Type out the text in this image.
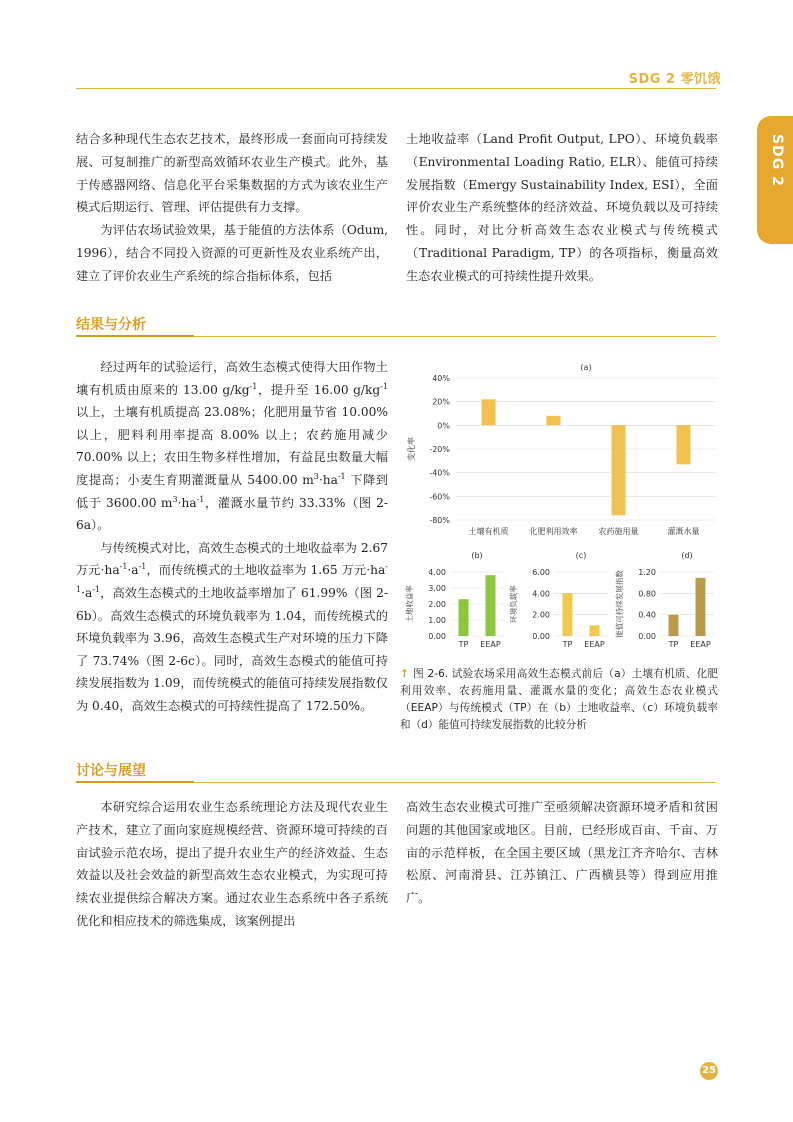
SDG 2 零饥饿
SDG 2

结合多种现代生态农艺技术，最终形成一套面向可持续发展、可复制推广的新型高效循环农业生产模式。此外，基于传感器网络、信息化平台采集数据的方式为该农业生产模式后期运行、管理、评估提供有力支撑。

为评估农场试验效果，基于能值的方法体系（Odum, 1996），结合不同投入资源的可更新性及农业系统产出，建立了评价农业生产系统的综合指标体系，包括

土地收益率（Land Profit Output, LPO）、环境负载率（Environmental Loading Ratio, ELR）、能值可持续发展指数（Emergy Sustainability Index, ESI），全面评价农业生产系统整体的经济效益、环境负载以及可持续性。同时，对比分析高效生态农业模式与传统模式（Traditional Paradigm, TP）的各项指标，衡量高效生态农业模式的可持续性提升效果。

结果与分析

经过两年的试验运行，高效生态模式使得大田作物土壤有机质由原来的 13.00 $g/kg^{-1}$，提升至 16.00 $g/kg^{-1}$ 以上，土壤有机质提高 23.08%；化肥用量节省 10.00% 以上，肥料利用率提高 8.00% 以上；农药施用减少 70.00% 以上；农田生物多样性增加，有益昆虫数量大幅度提高；小麦生育期灌溉量从 5400.00 $m^3\cdot ha^{-1}$ 下降到低于 3600.00 $m^3\cdot ha^{-1}$，灌溉水量节约 33.33%（图 2-6a）。

与传统模式对比，高效生态模式的土地收益率为 2.67 万元$\cdot ha^{-1}\cdot a^{-1}$，而传统模式的土地收益率为 1.65 万元$\cdot ha^{-1}\cdot a^{-1}$，高效生态模式的土地收益率增加了 61.99%（图 2-6b）。高效生态模式的环境负载率为 1.04，而传统模式的环境负载率为 3.96，高效生态模式生产对环境的压力下降了 73.74%（图 2-6c）。同时，高效生态模式的能值可持续发展指数为 1.09，而传统模式的能值可持续发展指数仅为 0.40，高效生态模式的可持续性提高了 172.50%。

(a)
40%
20%
0%
-20%
-40%
-60%
-80%
变化率
土壤有机质	化肥利用效率	农药施用量	灌溉水量
(b)
4.00
3.00
2.00
1.00
0.00
土地收益率
TP EEAP
(c)
6.00
4.00
2.00
0.00
环境负载率
TP EEAP
(d)
1.20
0.80
0.40
0.00
能值可持续发展指数
TP EEAP
↑ 图 2-6. 试验农场采用高效生态模式前后（a）土壤有机质、化肥利用效率、农药施用量、灌溉水量的变化；高效生态农业模式（EEAP）与传统模式（TP）在（b）土地收益率、（c）环境负载率和（d）能值可持续发展指数的比较分析
讨论与展望

本研究综合运用农业生态系统理论方法及现代农业生产技术，建立了面向家庭规模经营、资源环境可持续的百亩试验示范农场，提出了提升农业生产的经济效益、生态效益以及社会效益的新型高效生态农业模式，为实现可持续农业提供综合解决方案。通过农业生态系统中各子系统优化和相应技术的筛选集成，该案例提出

高效生态农业模式可推广至亟须解决资源环境矛盾和贫困问题的其他国家或地区。目前，已经形成百亩、千亩、万亩的示范样板，在全国主要区域（黑龙江齐齐哈尔、吉林松原、河南滑县、江苏镇江、广西横县等）得到应用推广。

25
